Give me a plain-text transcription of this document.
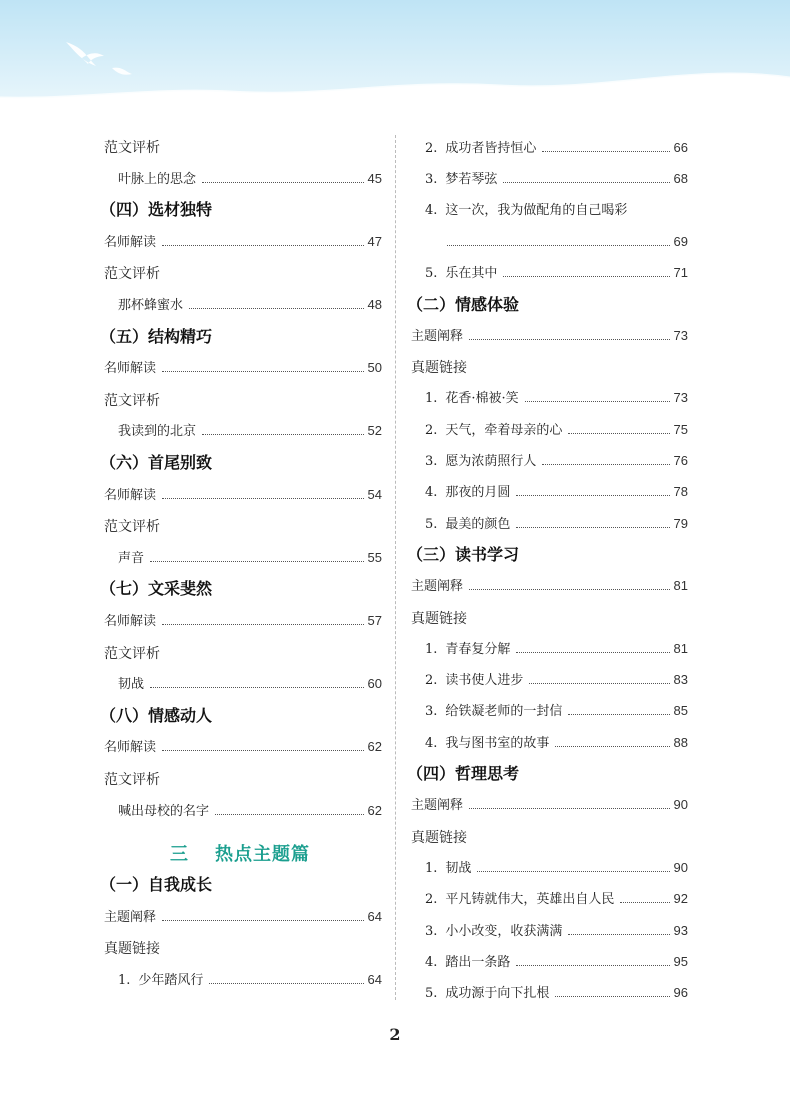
范文评析
叶脉上的思念	45
（四）选材独特
名师解读	47
范文评析
那杯蜂蜜水	48
（五）结构精巧
名师解读	50
范文评析
我读到的北京	52
（六）首尾别致
名师解读	54
范文评析
声音	55
（七）文采斐然
名师解读	57
范文评析
韧战	60
（八）情感动人
名师解读	62
范文评析
喊出母校的名字	62
（一）自我成长
主题阐释	64
真题链接
1. 少年踏风行	64
2. 成功者皆持恒心	66
3. 梦若琴弦	68
4. 这一次，我为做配角的自己喝彩
69
5. 乐在其中	71
（二）情感体验
主题阐释	73
真题链接
1. 花香·棉被·笑	73
2. 天气，牵着母亲的心	75
3. 愿为浓荫照行人	76
4. 那夜的月圆	78
5. 最美的颜色	79
（三）读书学习
主题阐释	81
真题链接
1. 青春复分解	81
2. 读书使人进步	83
3. 给铁凝老师的一封信	85
4. 我与图书室的故事	88
（四）哲理思考
主题阐释	90
真题链接
1. 韧战	90
2. 平凡铸就伟大，英雄出自人民	92
3. 小小改变，收获满满	93
4. 踏出一条路	95
5. 成功源于向下扎根	96
三 热点主题篇
2
